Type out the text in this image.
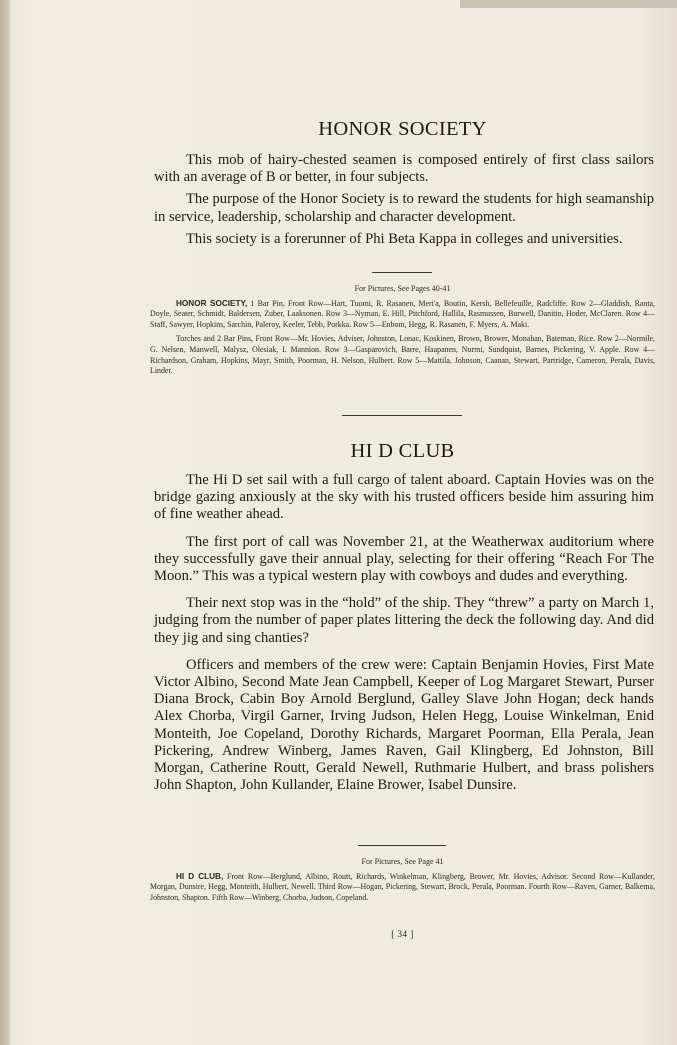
HONOR SOCIETY

This mob of hairy-chested seamen is composed entirely of first class sailors with an average of B or better, in four subjects.

The purpose of the Honor Society is to reward the students for high seamanship in service, leadership, scholarship and character development.

This society is a forerunner of Phi Beta Kappa in colleges and universities.

For Pictures, See Pages 40-41

HONOR SOCIETY, 1 Bar Pin, Front Row—Hart, Tuomi, R. Rasanen, Meri'a, Boutin, Kersh, Bellefeuille, Radcliffe. Row 2—Gladdish, Ranta, Doyle, Seater, Schmidt, Baldersen, Zuber, Laaksonen. Row 3—Nyman, E. Hill, Pitchford, Hallila, Rasmussen, Burwell, Danitio, Hoder, McClaren. Row 4—Staff, Sawyer, Hopkins, Sarchin, Paleroy, Keeler, Tebb, Porkka. Row 5—Enbom, Hegg, R. Rasanen, F. Myers, A. Maki.

Torches and 2 Bar Pins, Front Row—Mr. Hovies, Adviser, Johnston, Lonac, Koskinen, Brown, Brower, Monahan, Bateman, Rice. Row 2—Normile, G. Nelsen, Manwell, Malysz, Olesiak, I. Mannion. Row 3—Gasparovich, Barre, Haapanen, Nurmi, Sundquist, Barnes, Pickering, V. Apple. Row 4—Richardson, Graham, Hopkins, Mayr, Smith, Poorman, H. Nelson, Hulbert. Row 5—Mattila, Johnson, Caanan, Stewart, Partridge, Cameron, Perala, Davis, Linder.

HI D CLUB

The Hi D set sail with a full cargo of talent aboard. Captain Hovies was on the bridge gazing anxiously at the sky with his trusted officers beside him assuring him of fine weather ahead.

The first port of call was November 21, at the Weatherwax auditorium where they successfully gave their annual play, selecting for their offering “Reach For The Moon.” This was a typical western play with cowboys and dudes and everything.

Their next stop was in the “hold” of the ship. They “threw” a party on March 1, judging from the number of paper plates littering the deck the following day. And did they jig and sing chanties?

Officers and members of the crew were: Captain Benjamin Hovies, First Mate Victor Albino, Second Mate Jean Campbell, Keeper of Log Margaret Stewart, Purser Diana Brock, Cabin Boy Arnold Berglund, Galley Slave John Hogan; deck hands Alex Chorba, Virgil Garner, Irving Judson, Helen Hegg, Louise Winkelman, Enid Monteith, Joe Copeland, Dorothy Richards, Margaret Poorman, Ella Perala, Jean Pickering, Andrew Winberg, James Raven, Gail Klingberg, Ed Johnston, Bill Morgan, Catherine Routt, Gerald Newell, Ruthmarie Hulbert, and brass polishers John Shapton, John Kullander, Elaine Brower, Isabel Dunsire.

For Pictures, See Page 41

HI D CLUB, Front Row—Berglund, Albino, Routt, Richards, Winkelman, Klingberg, Brower, Mr. Hovies, Advisor. Second Row—Kullander, Morgan, Dunsire, Hegg, Monteith, Hulbert, Newell. Third Row—Hogan, Pickering, Stewart, Brock, Perala, Poorman. Fourth Row—Raven, Garner, Balkema, Johnston, Shapton. Fifth Row—Winberg, Chorba, Judson, Copeland.

[ 34 ]
